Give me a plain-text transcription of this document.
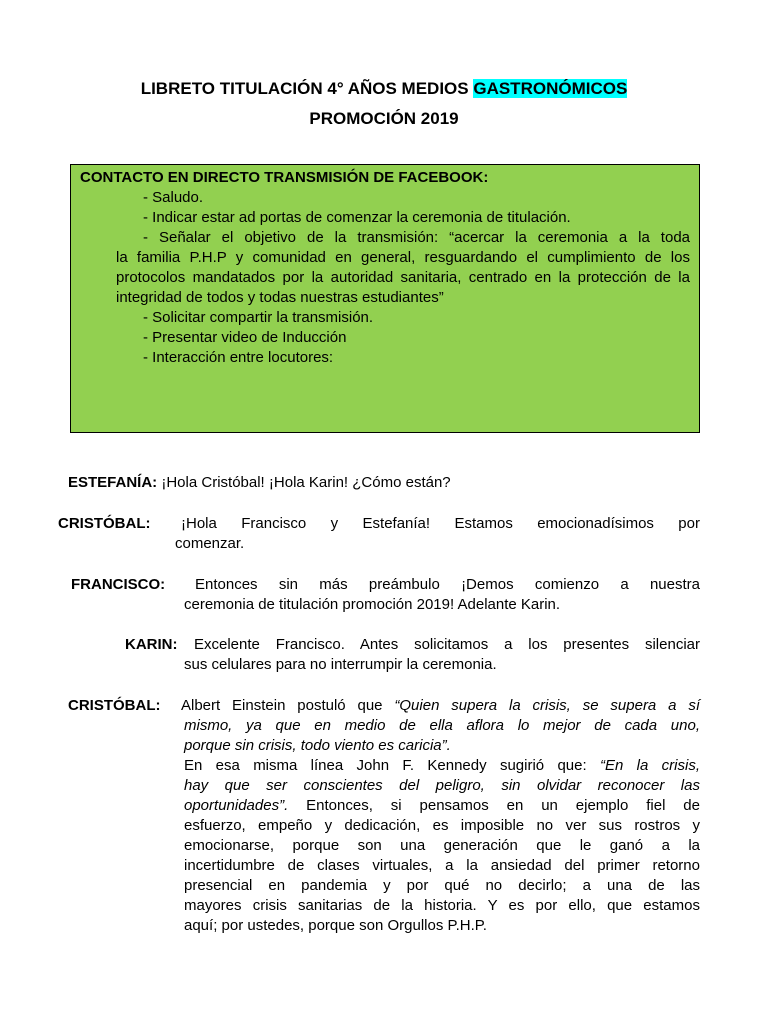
LIBRETO TITULACIÓN 4° AÑOS MEDIOS GASTRONÓMICOS
PROMOCIÓN 2019
CONTACTO EN DIRECTO TRANSMISIÓN DE FACEBOOK:
- Saludo.
- Indicar estar ad portas de comenzar la ceremonia de titulación.
- Señalar el objetivo de la transmisión: “acercar la ceremonia a la toda
la familia P.H.P y comunidad en general, resguardando el cumplimiento de los protocolos mandatados por la autoridad sanitaria, centrado en la protección de la integridad de todos y todas nuestras estudiantes”
- Solicitar compartir la transmisión.
- Presentar video de Inducción
- Interacción entre locutores:
ESTEFANÍA: ¡Hola Cristóbal! ¡Hola Karin! ¿Cómo están?
CRISTÓBAL: ¡Hola Francisco y Estefanía! Estamos emocionadísimos por
comenzar.
FRANCISCO: Entonces sin más preámbulo ¡Demos comienzo a nuestra
ceremonia de titulación promoción 2019! Adelante Karin.
KARIN: Excelente Francisco. Antes solicitamos a los presentes silenciar
sus celulares para no interrumpir la ceremonia.
CRISTÓBAL: Albert Einstein postuló que “Quien supera la crisis, se supera a sí
mismo, ya que en medio de ella aflora lo mejor de cada uno,
porque sin crisis, todo viento es caricia”.
En esa misma línea John F. Kennedy sugirió que: “En la crisis,
hay que ser conscientes del peligro, sin olvidar reconocer las
oportunidades”. Entonces, si pensamos en un ejemplo fiel de
esfuerzo, empeño y dedicación, es imposible no ver sus rostros y
emocionarse, porque son una generación que le ganó a la
incertidumbre de clases virtuales, a la ansiedad del primer retorno
presencial en pandemia y por qué no decirlo; a una de las
mayores crisis sanitarias de la historia. Y es por ello, que estamos
aquí; por ustedes, porque son Orgullos P.H.P.
